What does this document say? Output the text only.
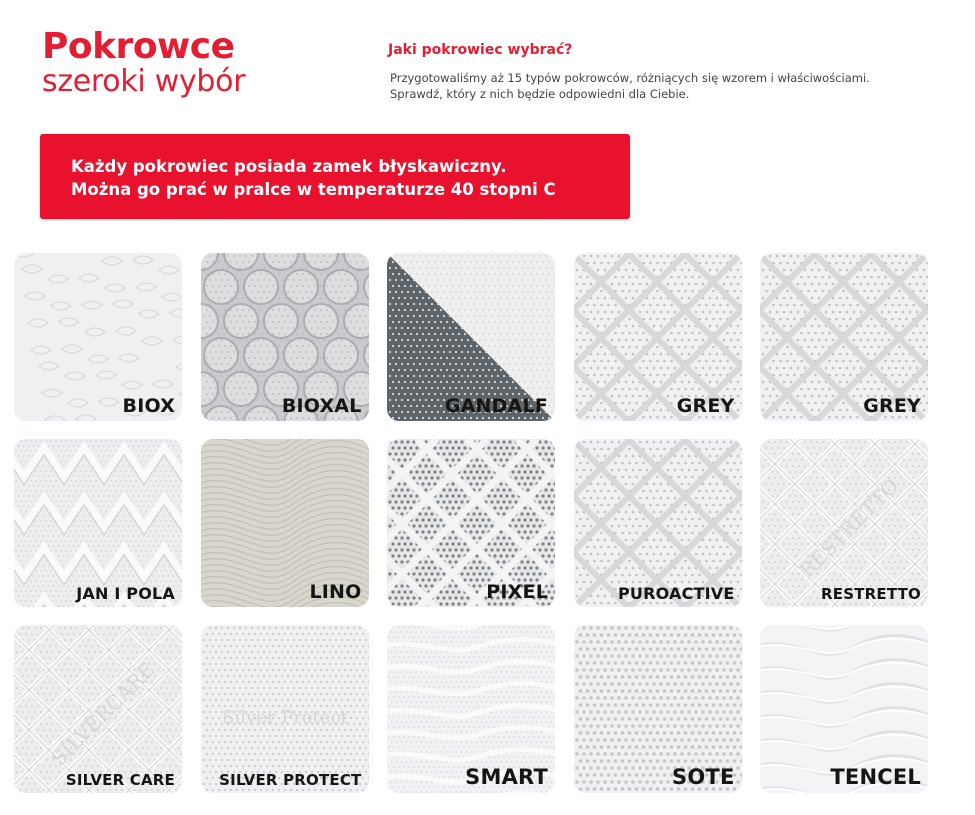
Pokrowce
szeroki wybór
Jaki pokrowiec wybrać?
Przygotowaliśmy aż 15 typów pokrowców, różniących się wzorem i właściwościami.
Sprawdź, który z nich będzie odpowiedni dla Ciebie.
Każdy pokrowiec posiada zamek błyskawiczny.
Można go prać w pralce w temperaturze 40 stopni C
BIOX	BIOXAL	GANDALF	GREY	GREY
JAN I POLA	LINO	PIXEL	PUROACTIVE
RESTRETTO
RESTRETTO
SILVERCARE
SILVER CARE
Silver Protect
SILVER PROTECT	SMART	SOTE	TENCEL
